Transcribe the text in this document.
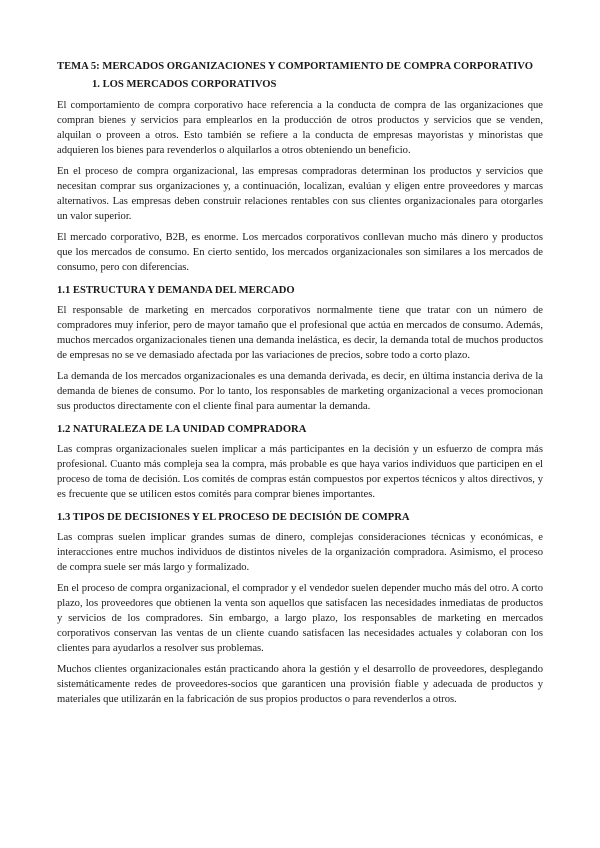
TEMA 5: MERCADOS ORGANIZACIONES Y COMPORTAMIENTO DE COMPRA CORPORATIVO
1. LOS MERCADOS CORPORATIVOS

El comportamiento de compra corporativo hace referencia a la conducta de compra de las organizaciones que compran bienes y servicios para emplearlos en la producción de otros productos y servicios que se venden, alquilan o proveen a otros. Esto también se refiere a la conducta de empresas mayoristas y minoristas que adquieren los bienes para revenderlos o alquilarlos a otros obteniendo un beneficio.

En el proceso de compra organizacional, las empresas compradoras determinan los productos y servicios que necesitan comprar sus organizaciones y, a continuación, localizan, evalúan y eligen entre proveedores y marcas alternativos. Las empresas deben construir relaciones rentables con sus clientes organizacionales para otorgarles un valor superior.

El mercado corporativo, B2B, es enorme. Los mercados corporativos conllevan mucho más dinero y productos que los mercados de consumo. En cierto sentido, los mercados organizacionales son similares a los mercados de consumo, pero con diferencias.

1.1 ESTRUCTURA Y DEMANDA DEL MERCADO

El responsable de marketing en mercados corporativos normalmente tiene que tratar con un número de compradores muy inferior, pero de mayor tamaño que el profesional que actúa en mercados de consumo. Además, muchos mercados organizacionales tienen una demanda inelástica, es decir, la demanda total de muchos productos de empresas no se ve demasiado afectada por las variaciones de precios, sobre todo a corto plazo.

La demanda de los mercados organizacionales es una demanda derivada, es decir, en última instancia deriva de la demanda de bienes de consumo. Por lo tanto, los responsables de marketing organizacional a veces promocionan sus productos directamente con el cliente final para aumentar la demanda.

1.2 NATURALEZA DE LA UNIDAD COMPRADORA

Las compras organizacionales suelen implicar a más participantes en la decisión y un esfuerzo de compra más profesional. Cuanto más compleja sea la compra, más probable es que haya varios individuos que participen en el proceso de toma de decisión. Los comités de compras están compuestos por expertos técnicos y altos directivos, y es frecuente que se utilicen estos comités para comprar bienes importantes.

1.3 TIPOS DE DECISIONES Y EL PROCESO DE DECISIÓN DE COMPRA

Las compras suelen implicar grandes sumas de dinero, complejas consideraciones técnicas y económicas, e interacciones entre muchos individuos de distintos niveles de la organización compradora. Asimismo, el proceso de compra suele ser más largo y formalizado.

En el proceso de compra organizacional, el comprador y el vendedor suelen depender mucho más del otro. A corto plazo, los proveedores que obtienen la venta son aquellos que satisfacen las necesidades inmediatas de productos y servicios de los compradores. Sin embargo, a largo plazo, los responsables de marketing en mercados corporativos conservan las ventas de un cliente cuando satisfacen las necesidades actuales y colaboran con los clientes para ayudarlos a resolver sus problemas.

Muchos clientes organizacionales están practicando ahora la gestión y el desarrollo de proveedores, desplegando sistemáticamente redes de proveedores-socios que garanticen una provisión fiable y adecuada de productos y materiales que utilizarán en la fabricación de sus propios productos o para revenderlos a otros.
